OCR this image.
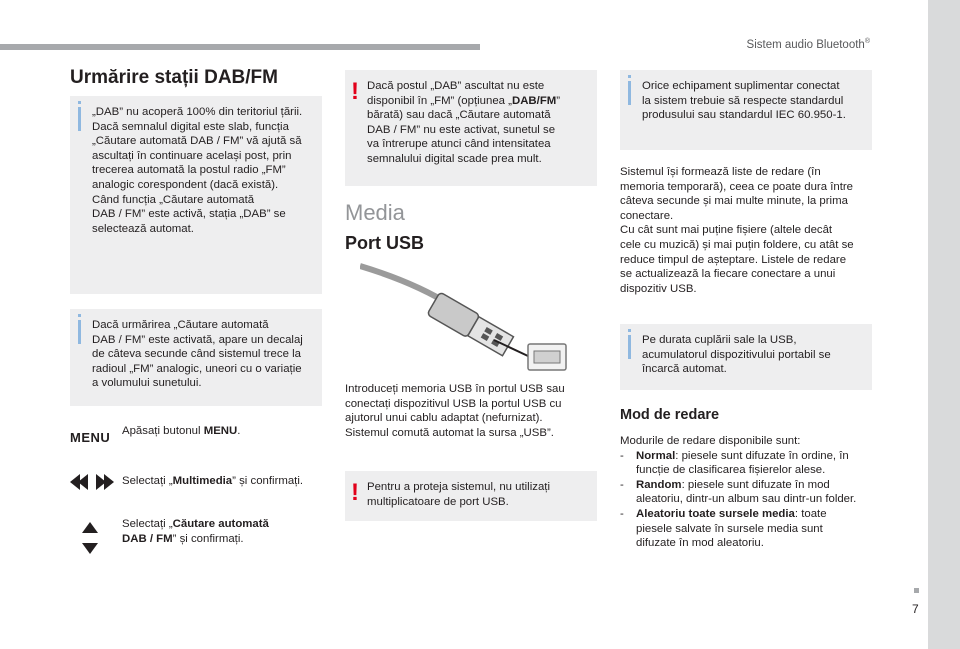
Sistem audio Bluetooth®
7
Urmărire stații DAB/FM

„DAB” nu acoperă 100% din teritoriul țării.

Dacă semnalul digital este slab, funcția

„Căutare automată DAB / FM” vă ajută să

ascultați în continuare același post, prin

trecerea automată la postul radio „FM”

analogic corespondent (dacă există).

Când funcția „Căutare automată

DAB / FM” este activă, stația „DAB” se

selectează automat.

Dacă urmărirea „Căutare automată

DAB / FM” este activată, apare un decalaj

de câteva secunde când sistemul trece la

radioul „FM” analogic, uneori cu o variație

a volumului sunetului.

MENU Apăsați butonul MENU.
Selectați „Multimedia” și confirmați.

Selectați „Căutare automată

DAB / FM” și confirmați.

! Dacă postul „DAB” ascultat nu este

disponibil în „FM” (opțiunea „DAB/FM”

bărată) sau dacă „Căutare automată

DAB / FM” nu este activat, sunetul se

va întrerupe atunci când intensitatea

semnalului digital scade prea mult.

Media
Port USB

Introduceți memoria USB în portul USB sau

conectați dispozitivul USB la portul USB cu

ajutorul unui cablu adaptat (nefurnizat).

Sistemul comută automat la sursa „USB”.

! Pentru a proteja sistemul, nu utilizați

multiplicatoare de port USB.

Orice echipament suplimentar conectat

la sistem trebuie să respecte standardul

produsului sau standardul IEC 60.950-1.

Sistemul își formează liste de redare (în

memoria temporară), ceea ce poate dura între

câteva secunde și mai multe minute, la prima

conectare.

Cu cât sunt mai puține fișiere (altele decât

cele cu muzică) și mai puțin foldere, cu atât se

reduce timpul de așteptare. Listele de redare

se actualizează la fiecare conectare a unui

dispozitiv USB.

Pe durata cuplării sale la USB,

acumulatorul dispozitivului portabil se

încarcă automat.

Mod de redare

Modurile de redare disponibile sunt:

-	Normal: piesele sunt difuzate în ordine, în

funcție de clasificarea fișierelor alese.

-	Random: piesele sunt difuzate în mod

aleatoriu, dintr-un album sau dintr-un folder.

-	Aleatoriu toate sursele media: toate

piesele salvate în sursele media sunt

difuzate în mod aleatoriu.
